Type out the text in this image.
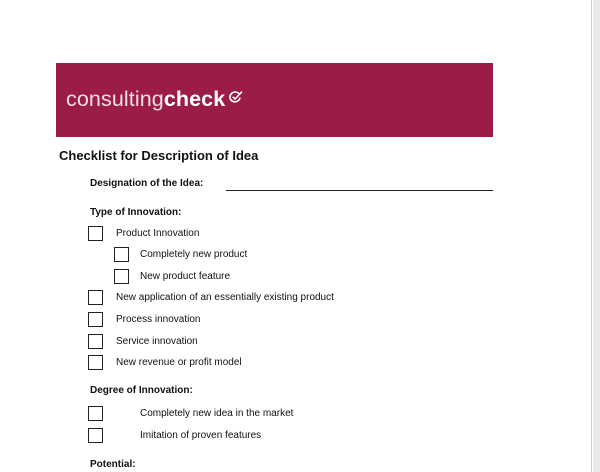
consulting check
Checklist for Description of Idea
Designation of the Idea:
Type of Innovation:
Product Innovation
Completely new product
New product feature
New application of an essentially existing product
Process innovation
Service innovation
New revenue or profit model
Degree of Innovation:
Completely new idea in the market
Imitation of proven features
Potential:
